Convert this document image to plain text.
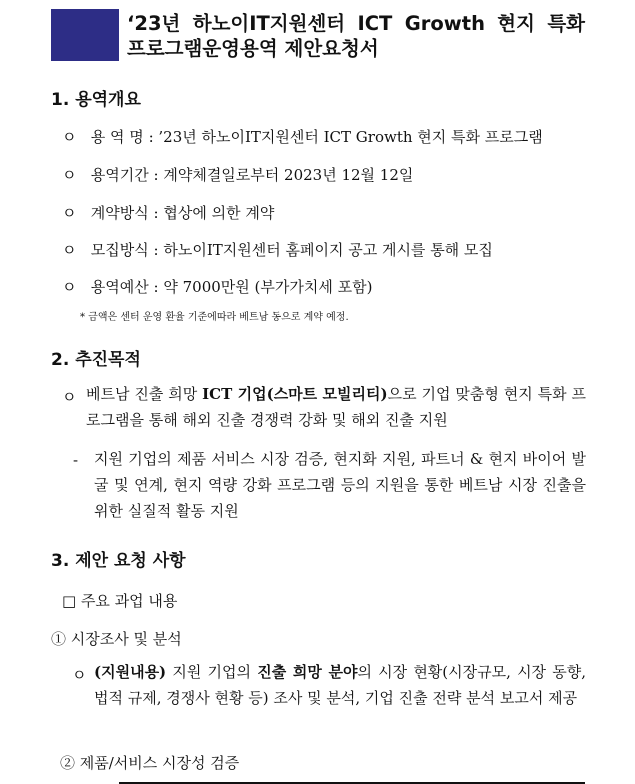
‘23년 하노이IT지원센터 ICT Growth 현지 특화
프로그램운영용역 제안요청서
1. 용역개요
ㅇ 용 역 명 : ’23년 하노이IT지원센터 ICT Growth 현지 특화 프로그램
ㅇ 용역기간 : 계약체결일로부터 2023년 12월 12일
ㅇ 계약방식 : 협상에 의한 계약
ㅇ 모집방식 : 하노이IT지원센터 홈페이지 공고 게시를 통해 모집
ㅇ 용역예산 : 약 7000만원 (부가가치세 포함)
* 금액은 센터 운영 환율 기준에따라 베트남 동으로 계약 예정.
2. 추진목적
ㅇ 베트남 진출 희망 ICT 기업(스마트 모빌리티)으로 기업 맞춤형 현지 특화 프로그램을 통해 해외 진출 경쟁력 강화 및 해외 진출 지원
- 지원 기업의 제품 서비스 시장 검증, 현지화 지원, 파트너 & 현지 바이어 발굴 및 연계, 현지 역량 강화 프로그램 등의 지원을 통한 베트남 시장 진출을 위한 실질적 활동 지원
3. 제안 요청 사항
□ 주요 과업 내용
① 시장조사 및 분석
ㅇ (지원내용) 지원 기업의 진출 희망 분야의 시장 현황(시장규모, 시장 동향, 법적 규제, 경쟁사 현황 등) 조사 및 분석, 기업 진출 전략 분석 보고서 제공
② 제품/서비스 시장성 검증
